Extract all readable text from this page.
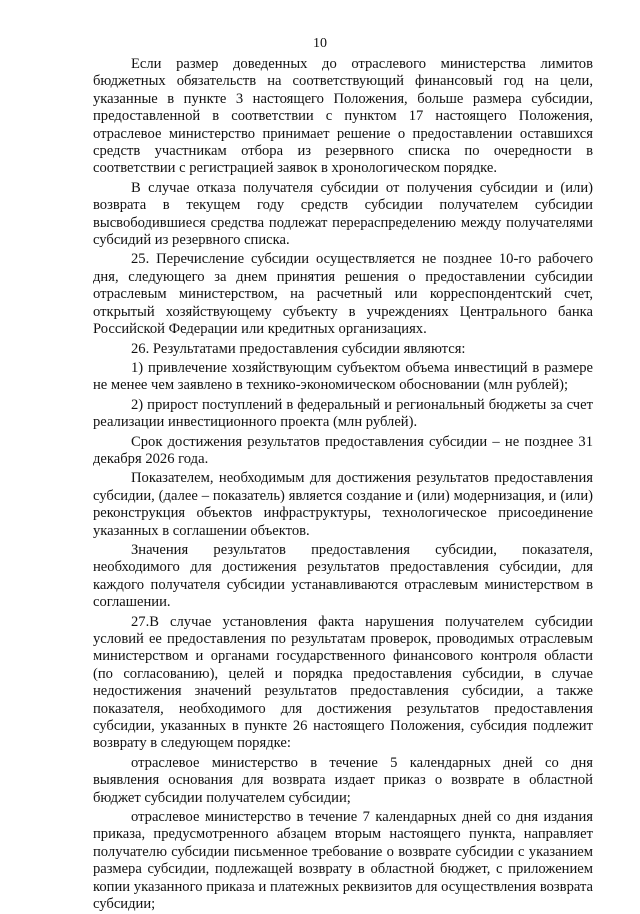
10

Если размер доведенных до отраслевого министерства лимитов бюджетных обязательств на соответствующий финансовый год на цели, указанные в пункте 3 настоящего Положения, больше размера субсидии, предоставленной в соответствии с пунктом 17 настоящего Положения, отраслевое министерство принимает решение о предоставлении оставшихся средств участникам отбора из резервного списка по очередности в соответствии с регистрацией заявок в хронологическом порядке.

В случае отказа получателя субсидии от получения субсидии и (или) возврата в текущем году средств субсидии получателем субсидии высвободившиеся средства подлежат перераспределению между получателями субсидий из резервного списка.

25. Перечисление субсидии осуществляется не позднее 10-го рабочего дня, следующего за днем принятия решения о предоставлении субсидии отраслевым министерством, на расчетный или корреспондентский счет, открытый хозяйствующему субъекту в учреждениях Центрального банка Российской Федерации или кредитных организациях.

26. Результатами предоставления субсидии являются:

1) привлечение хозяйствующим субъектом объема инвестиций в размере не менее чем заявлено в технико-экономическом обосновании (млн рублей);

2) прирост поступлений в федеральный и региональный бюджеты за счет реализации инвестиционного проекта (млн рублей).

Срок достижения результатов предоставления субсидии – не позднее 31 декабря 2026 года.

Показателем, необходимым для достижения результатов предоставления субсидии, (далее – показатель) является создание и (или) модернизация, и (или) реконструкция объектов инфраструктуры, технологическое присоединение указанных в соглашении объектов.

Значения результатов предоставления субсидии, показателя, необходимого для достижения результатов предоставления субсидии, для каждого получателя субсидии устанавливаются отраслевым министерством в соглашении.

27.В случае установления факта нарушения получателем субсидии условий ее предоставления по результатам проверок, проводимых отраслевым министерством и органами государственного финансового контроля области (по согласованию), целей и порядка предоставления субсидии, в случае недостижения значений результатов предоставления субсидии, а также показателя, необходимого для достижения результатов предоставления субсидии, указанных в пункте 26 настоящего Положения, субсидия подлежит возврату в следующем порядке:

отраслевое министерство в течение 5 календарных дней со дня выявления основания для возврата издает приказ о возврате в областной бюджет субсидии получателем субсидии;

отраслевое министерство в течение 7 календарных дней со дня издания приказа, предусмотренного абзацем вторым настоящего пункта, направляет получателю субсидии письменное требование о возврате субсидии с указанием размера субсидии, подлежащей возврату в областной бюджет, с приложением копии указанного приказа и платежных реквизитов для осуществления возврата субсидии;
